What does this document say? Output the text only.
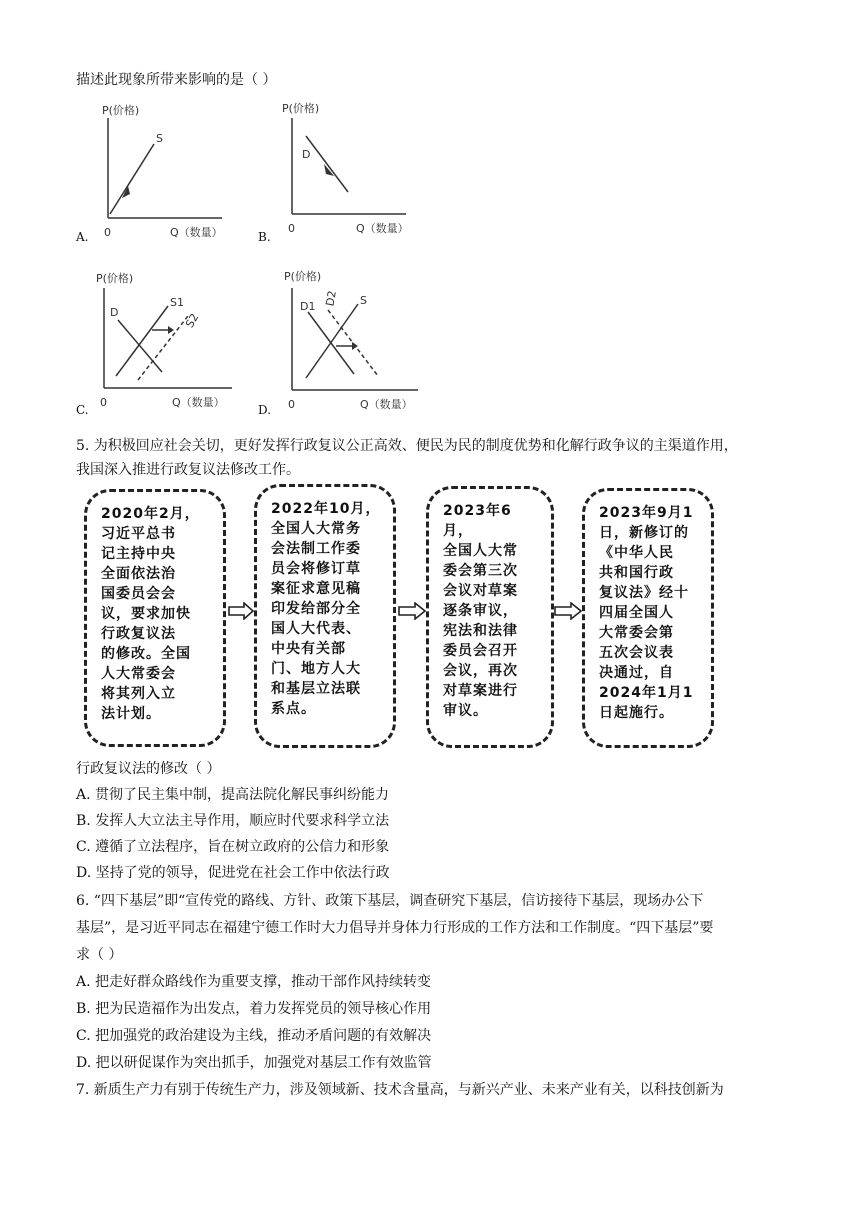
描述此现象所带来影响的是（ ）
P(价格)
0	Q（数量）
S
A.
P(价格)
0	Q（数量）
D
B.
P(价格)
0	Q（数量）
D
S1
S2
C.
P(价格)
0	Q（数量）
D1 D2 S
D.
5. 为积极回应社会关切，更好发挥行政复议公正高效、便民为民的制度优势和化解行政争议的主渠道作用，
我国深入推进行政复议法修改工作。
2020年2月，
习近平总书
记主持中央
全面依法治
国委员会会
议，要求加快
行政复议法
的修改。全国
人大常委会
将其列入立
法计划。
2022年10月，
全国人大常务
会法制工作委
员会将修订草
案征求意见稿
印发给部分全
国人大代表、
中央有关部
门、地方人大
和基层立法联
系点。
2023年6月，
全国人大常
委会第三次
会议对草案
逐条审议，
宪法和法律
委员会召开
会议，再次
对草案进行
审议。
2023年9月1
日，新修订的
《中华人民
共和国行政
复议法》经十
四届全国人
大常委会第
五次会议表
决通过，自
2024年1月1
日起施行。
行政复议法的修改（ ）
A. 贯彻了民主集中制，提高法院化解民事纠纷能力
B. 发挥人大立法主导作用，顺应时代要求科学立法
C. 遵循了立法程序，旨在树立政府的公信力和形象
D. 坚持了党的领导，促进党在社会工作中依法行政
6. “四下基层”即“宣传党的路线、方针、政策下基层，调查研究下基层，信访接待下基层，现场办公下
基层”，是习近平同志在福建宁德工作时大力倡导并身体力行形成的工作方法和工作制度。“四下基层”要
求（ ）
A. 把走好群众路线作为重要支撑，推动干部作风持续转变
B. 把为民造福作为出发点，着力发挥党员的领导核心作用
C. 把加强党的政治建设为主线，推动矛盾问题的有效解决
D. 把以研促谋作为突出抓手，加强党对基层工作有效监管
7. 新质生产力有别于传统生产力，涉及领域新、技术含量高，与新兴产业、未来产业有关，以科技创新为
